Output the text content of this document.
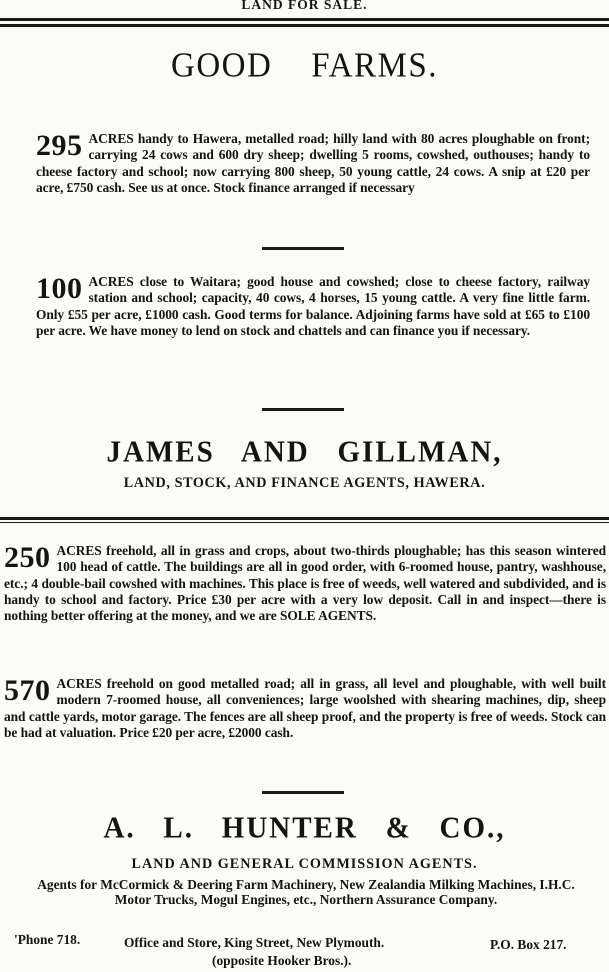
LAND FOR SALE.
GOOD    FARMS.
295 ACRES handy to Hawera, metalled road; hilly land with 80 acres ploughable on front; carrying 24 cows and 600 dry sheep; dwelling 5 rooms, cowshed, outhouses; handy to cheese factory and school; now carrying 800 sheep, 50 young cattle, 24 cows. A snip at £20 per acre, £750 cash. See us at once. Stock finance arranged if necessary
100 ACRES close to Waitara; good house and cowshed; close to cheese factory, railway station and school; capacity, 40 cows, 4 horses, 15 young cattle. A very fine little farm. Only £55 per acre, £1000 cash. Good terms for balance. Adjoining farms have sold at £65 to £100 per acre. We have money to lend on stock and chattels and can finance you if necessary.
JAMES   AND   GILLMAN,
LAND, STOCK, AND FINANCE AGENTS, HAWERA.
250 ACRES freehold, all in grass and crops, about two-thirds ploughable; has this season wintered 100 head of cattle. The buildings are all in good order, with 6-roomed house, pantry, washhouse, etc.; 4 double-bail cowshed with machines. This place is free of weeds, well watered and subdivided, and is handy to school and factory. Price £30 per acre with a very low deposit. Call in and inspect—there is nothing better offering at the money, and we are SOLE AGENTS.
570 ACRES freehold on good metalled road; all in grass, all level and ploughable, with well built modern 7-roomed house, all conveniences; large woolshed with shearing machines, dip, sheep and cattle yards, motor garage. The fences are all sheep proof, and the property is free of weeds. Stock can be had at valuation. Price £20 per acre, £2000 cash.
A.   L.   HUNTER   &   CO.,
LAND AND GENERAL COMMISSION AGENTS.
Agents for McCormick & Deering Farm Machinery, New Zealandia Milking Machines, I.H.C. Motor Trucks, Mogul Engines, etc., Northern Assurance Company.
'Phone 718.	Office and Store, King Street, New Plymouth.	P.O. Box 217.
(opposite Hooker Bros.).
